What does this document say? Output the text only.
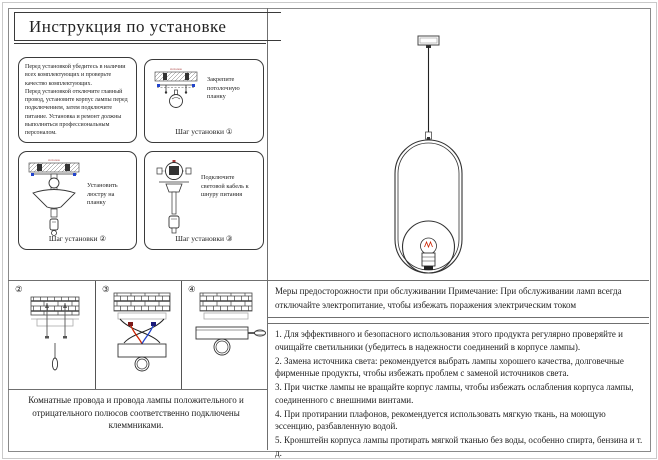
Инструкция по установке

Перед установкой убедитесь в наличии всех комплектующих и проверьте качество комплектующих.

Перед установкой отключите главный провод, установите корпус лампы перед подключением, затем подключите питание. Установка и ремонт должны выполняться профессиональным персоналом.

потолок
Закрепите потолочную планку
Шаг установки ①
потолок
Установить люстру на планку
Шаг установки ②
Подключите световой кабель к шнуру питания
Шаг установки ③
②	③	④
Комнатные провода и провода лампы положительного и отрицательного полюсов соответственно подключены клеммниками.
Меры предосторожности при обслуживании Примечание: При обслуживании ламп всегда отключайте электропитание, чтобы избежать поражения электрическим током

1. Для эффективного и безопасного использования этого продукта регулярно проверяйте и очищайте светильники (убедитесь в надежности соединений в корпусе лампы).

2. Замена источника света: рекомендуется выбрать лампы хорошего качества, долговечные фирменные продукты, чтобы избежать проблем с заменой источников света.

3. При чистке лампы не вращайте корпус лампы, чтобы избежать ослабления корпуса лампы, соединенного с внешними винтами.

4. При протирании плафонов, рекомендуется использовать мягкую ткань, на моющую эссенцию, разбавленную водой.

5. Кронштейн корпуса лампы протирать мягкой тканью без воды, особенно спирта, бензина и т. д.
